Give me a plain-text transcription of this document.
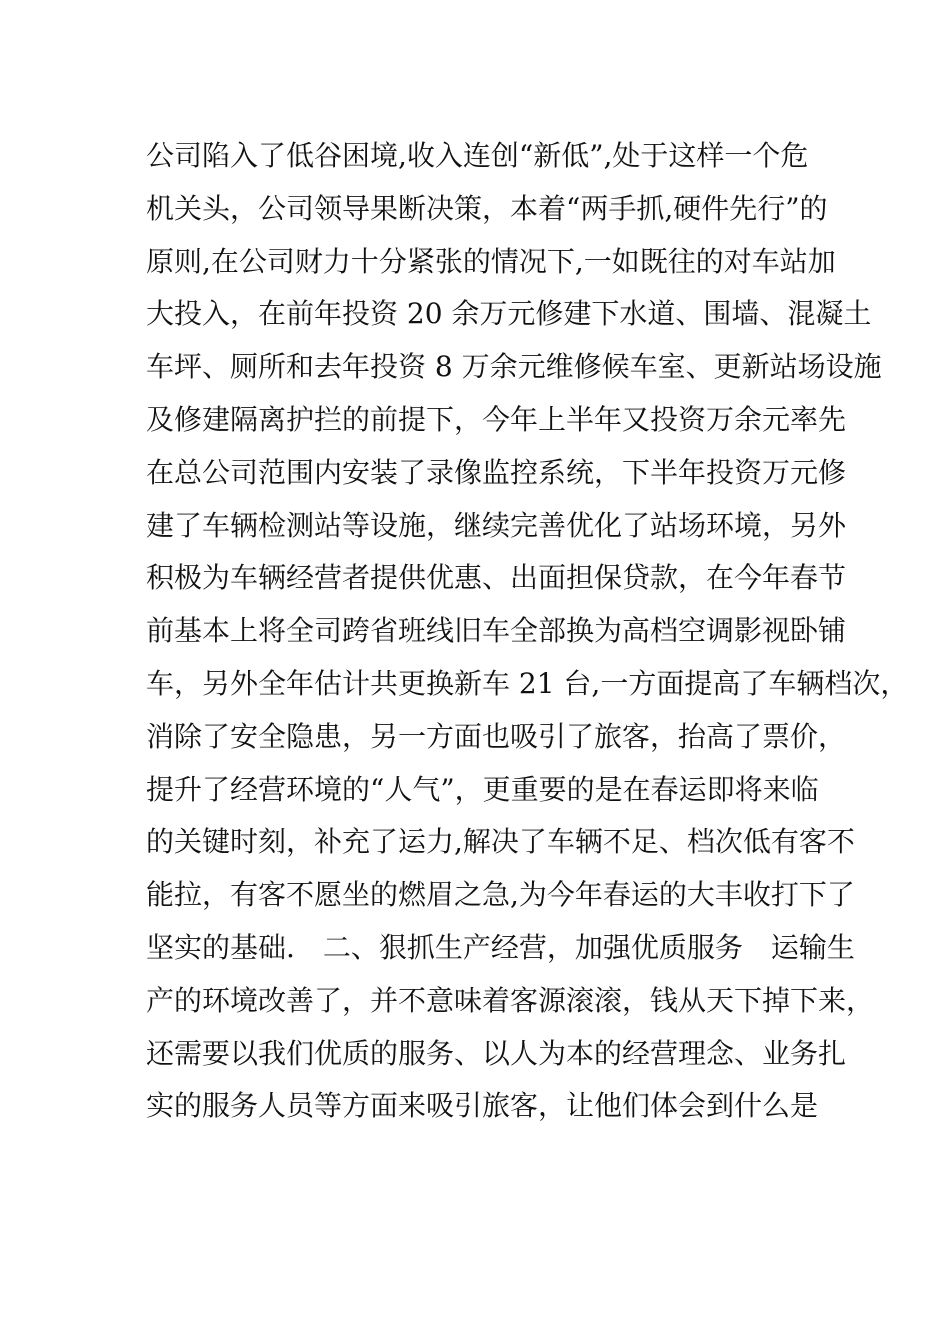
公司陷入了低谷困境,收入连创“新低”,处于这样一个危
机关头，公司领导果断决策，本着“两手抓,硬件先行”的
原则,在公司财力十分紧张的情况下,一如既往的对车站加
大投入，在前年投资 20 余万元修建下水道、围墙、混凝土
车坪、厕所和去年投资 8 万余元维修候车室、更新站场设施
及修建隔离护拦的前提下，今年上半年又投资万余元率先
在总公司范围内安装了录像监控系统，下半年投资万元修
建了车辆检测站等设施，继续完善优化了站场环境，另外
积极为车辆经营者提供优惠、出面担保贷款，在今年春节
前基本上将全司跨省班线旧车全部换为高档空调影视卧铺
车，另外全年估计共更换新车 21 台,一方面提高了车辆档次，
消除了安全隐患，另一方面也吸引了旅客，抬高了票价，
提升了经营环境的“人气”，更重要的是在春运即将来临
的关键时刻，补充了运力,解决了车辆不足、档次低有客不
能拉，有客不愿坐的燃眉之急,为今年春运的大丰收打下了
坚实的基础.　二、狠抓生产经营，加强优质服务　运输生
产的环境改善了，并不意味着客源滚滚，钱从天下掉下来，
还需要以我们优质的服务、以人为本的经营理念、业务扎
实的服务人员等方面来吸引旅客，让他们体会到什么是
